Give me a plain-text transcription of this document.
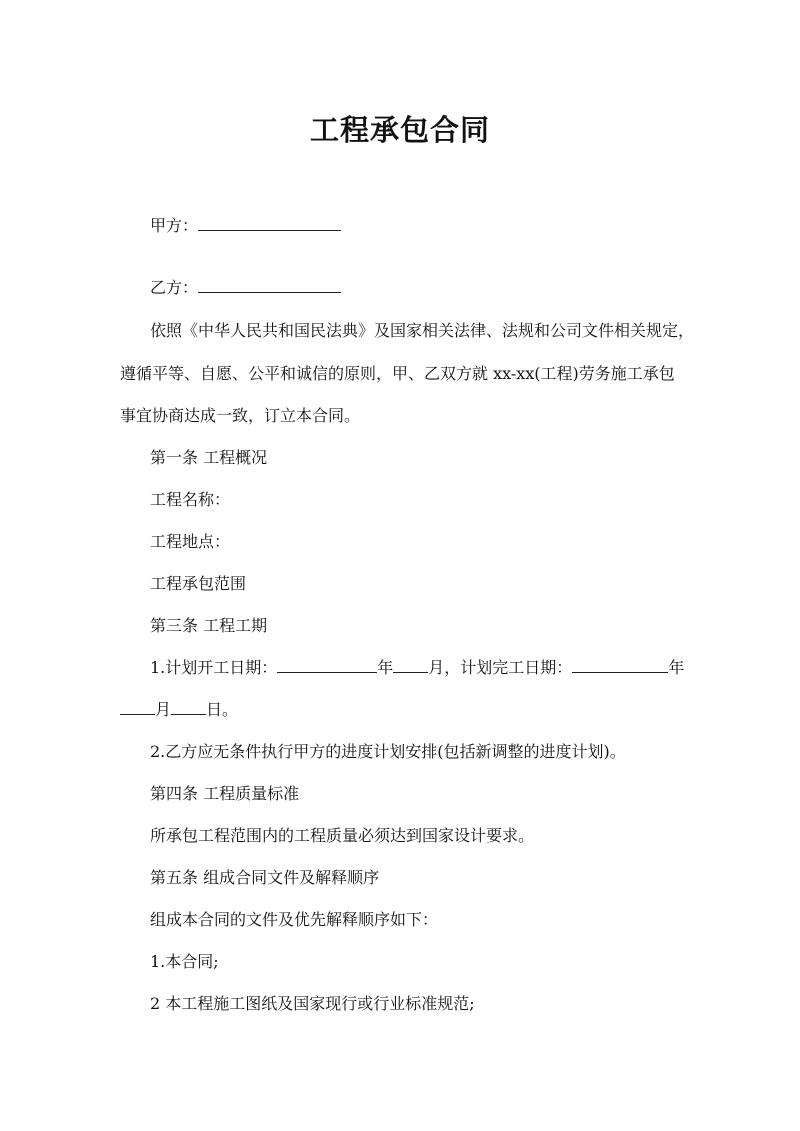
工程承包合同
甲方：
乙方：
依照《中华人民共和国民法典》及国家相关法律、法规和公司文件相关规定，
遵循平等、自愿、公平和诚信的原则，甲、乙双方就 xx-xx(工程)劳务施工承包
事宜协商达成一致，订立本合同。
第一条 工程概况
工程名称：
工程地点：
工程承包范围
第三条 工程工期
1.计划开工日期：	年 月，计划完工日期：	年
月 日。
2.乙方应无条件执行甲方的进度计划安排(包括新调整的进度计划)。
第四条 工程质量标准
所承包工程范围内的工程质量必须达到国家设计要求。
第五条 组成合同文件及解释顺序
组成本合同的文件及优先解释顺序如下：
1.本合同;
2 本工程施工图纸及国家现行或行业标准规范;
